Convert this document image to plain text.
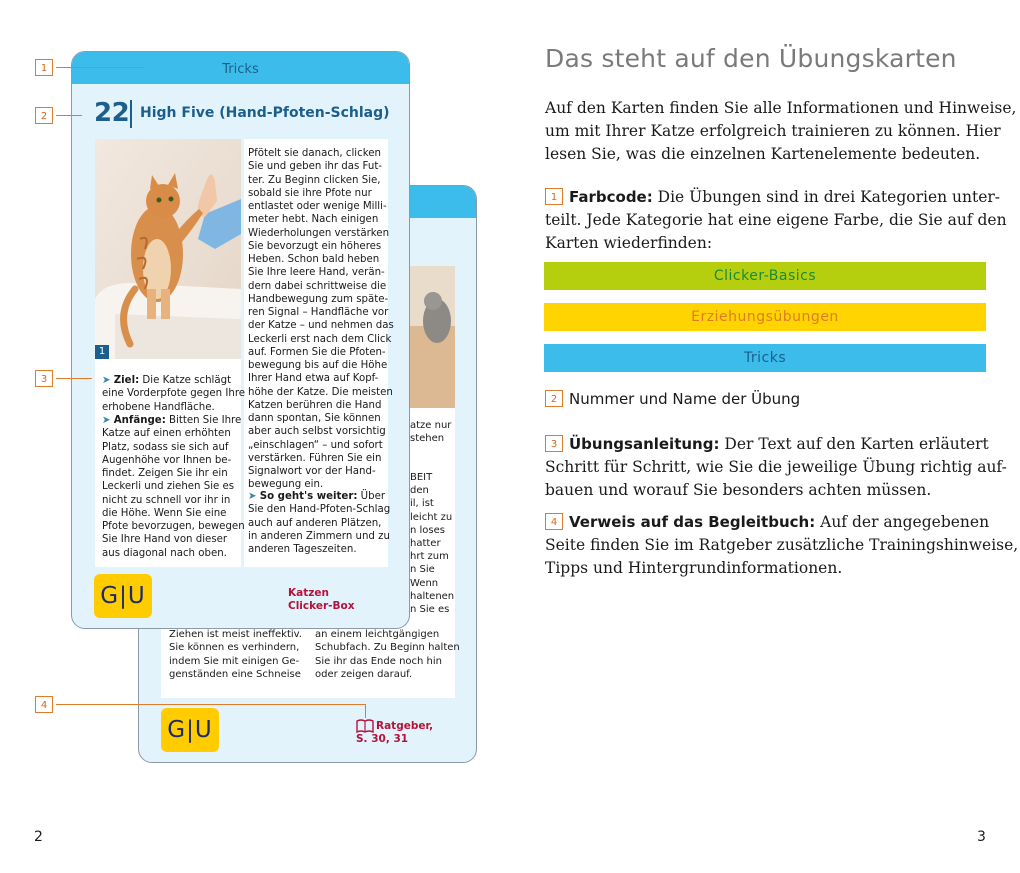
atze nur
stehen
BEIT
den
il, ist
leicht zu
n loses
hatter
hrt zum
n Sie
Wenn
haltenen
n Sie es
Ziehen ist meist ineffektiv.
Sie können es verhindern,
indem Sie mit einigen Ge-
genständen eine Schneise
an einem leichtgängigen
Schubfach. Zu Beginn halten
Sie ihr das Ende noch hin
oder zeigen darauf.
G|U	Ratgeber,
S. 30, 31
Tricks
22 High Five (Hand-Pfoten-Schlag)
1
Pfötelt sie danach, clicken
Sie und geben ihr das Fut-
ter. Zu Beginn clicken Sie,
sobald sie ihre Pfote nur
entlastet oder wenige Milli-
meter hebt. Nach einigen
Wiederholungen verstärken
Sie bevorzugt ein höheres
Heben. Schon bald heben
Sie Ihre leere Hand, verän-
dern dabei schrittweise die
Handbewegung zum späte-
ren Signal – Handfläche vor
der Katze – und nehmen das
Leckerli erst nach dem Click
auf. Formen Sie die Pfoten-
bewegung bis auf die Höhe
Ihrer Hand etwa auf Kopf-
höhe der Katze. Die meisten
Katzen berühren die Hand
dann spontan, Sie können
aber auch selbst vorsichtig
„einschlagen“ – und sofort
verstärken. Führen Sie ein
Signalwort vor der Hand-
bewegung ein.
➤ So geht's weiter: Über
Sie den Hand-Pfoten-Schlag
auch auf anderen Plätzen,
in anderen Zimmern und zu
anderen Tageszeiten.
➤ Ziel: Die Katze schlägt
eine Vorderpfote gegen Ihre
erhobene Handfläche.
➤ Anfänge: Bitten Sie Ihre
Katze auf einen erhöhten
Platz, sodass sie sich auf
Augenhöhe vor Ihnen be-
findet. Zeigen Sie ihr ein
Leckerli und ziehen Sie es
nicht zu schnell vor ihr in
die Höhe. Wenn Sie eine
Pfote bevorzugen, bewegen
Sie Ihre Hand von dieser
aus diagonal nach oben.
G|U	Katzen
Clicker-Box
1
2
3
4
Das steht auf den Übungskarten
Auf den Karten finden Sie alle Informationen und Hinweise,
um mit Ihrer Katze erfolgreich trainieren zu können. Hier
lesen Sie, was die einzelnen Kartenelemente bedeuten.
1 Farbcode: Die Übungen sind in drei Kategorien unter-
teilt. Jede Kategorie hat eine eigene Farbe, die Sie auf den
Karten wiederfinden:
Clicker-Basics
Erziehungsübungen
Tricks
2 Nummer und Name der Übung
3 Übungsanleitung: Der Text auf den Karten erläutert
Schritt für Schritt, wie Sie die jeweilige Übung richtig auf-
bauen und worauf Sie besonders achten müssen.
4 Verweis auf das Begleitbuch: Auf der angegebenen
Seite finden Sie im Ratgeber zusätzliche Trainingshinweise,
Tipps und Hintergrundinformationen.
2	3
